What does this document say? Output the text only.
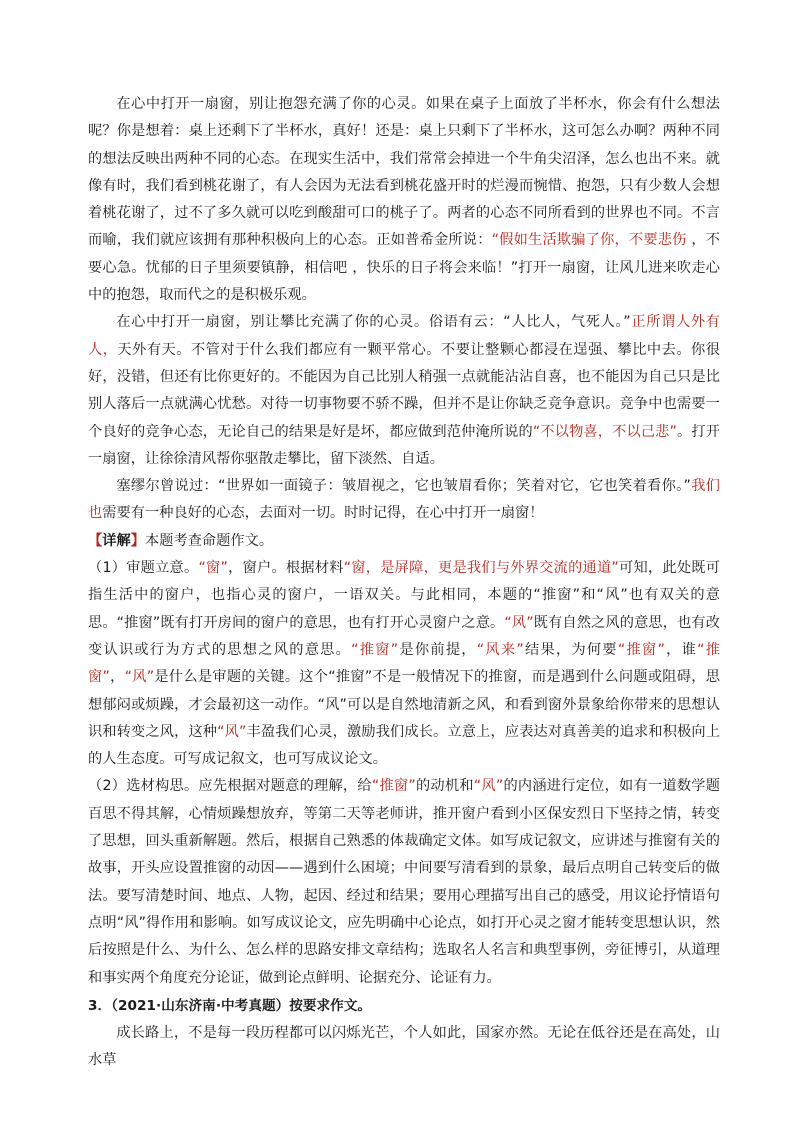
在心中打开一扇窗，别让抱怨充满了你的心灵。如果在桌子上面放了半杯水，你会有什么想法呢？你是想着：桌上还剩下了半杯水，真好！还是：桌上只剩下了半杯水，这可怎么办啊？两种不同的想法反映出两种不同的心态。在现实生活中，我们常常会掉进一个牛角尖沼泽，怎么也出不来。就像有时，我们看到桃花谢了，有人会因为无法看到桃花盛开时的烂漫而惋惜、抱怨，只有少数人会想着桃花谢了，过不了多久就可以吃到酸甜可口的桃子了。两者的心态不同所看到的世界也不同。不言而喻，我们就应该拥有那种积极向上的心态。正如普希金所说：“假如生活欺骗了你，不要悲伤 ，不要心急。忧郁的日子里须要镇静，相信吧 ，快乐的日子将会来临！”打开一扇窗，让风儿进来吹走心中的抱怨，取而代之的是积极乐观。

在心中打开一扇窗，别让攀比充满了你的心灵。俗语有云：“人比人，气死人。”正所谓人外有人，天外有天。不管对于什么我们都应有一颗平常心。不要让整颗心都浸在逞强、攀比中去。你很好，没错，但还有比你更好的。不能因为自己比别人稍强一点就能沾沾自喜，也不能因为自己只是比别人落后一点就满心忧愁。对待一切事物要不骄不躁，但并不是让你缺乏竞争意识。竞争中也需要一个良好的竞争心态，无论自己的结果是好是坏，都应做到范仲淹所说的“不以物喜，不以己悲”。打开一扇窗，让徐徐清风帮你驱散走攀比，留下淡然、自适。

塞缪尔曾说过：“世界如一面镜子：皱眉视之，它也皱眉看你；笑着对它，它也笑着看你。”我们也需要有一种良好的心态，去面对一切。时时记得，在心中打开一扇窗！

【详解】本题考查命题作文。

（1）审题立意。“窗”，窗户。根据材料“窗，是屏障，更是我们与外界交流的通道”可知，此处既可指生活中的窗户，也指心灵的窗户，一语双关。与此相同，本题的“推窗”和“风”也有双关的意思。“推窗”既有打开房间的窗户的意思，也有打开心灵窗户之意。“风”既有自然之风的意思，也有改变认识或行为方式的思想之风的意思。“推窗”是你前提，“风来”结果，为何要“推窗”，谁“推窗”，“风”是什么是审题的关键。这个“推窗”不是一般情况下的推窗，而是遇到什么问题或阻碍，思想郁闷或烦躁，才会最初这一动作。“风”可以是自然地清新之风，和看到窗外景象给你带来的思想认识和转变之风，这种“风”丰盈我们心灵，激励我们成长。立意上，应表达对真善美的追求和积极向上的人生态度。可写成记叙文，也可写成议论文。

（2）选材构思。应先根据对题意的理解，给“推窗”的动机和“风”的内涵进行定位，如有一道数学题百思不得其解，心情烦躁想放弃，等第二天等老师讲，推开窗户看到小区保安烈日下坚持之情，转变了思想，回头重新解题。然后，根据自己熟悉的体裁确定文体。如写成记叙文，应讲述与推窗有关的故事，开头应设置推窗的动因——遇到什么困境；中间要写清看到的景象，最后点明自己转变后的做法。要写清楚时间、地点、人物，起因、经过和结果；要用心理描写出自己的感受，用议论抒情语句点明“风”得作用和影响。如写成议论文，应先明确中心论点，如打开心灵之窗才能转变思想认识，然后按照是什么、为什么、怎么样的思路安排文章结构；选取名人名言和典型事例，旁征博引，从道理和事实两个角度充分论证，做到论点鲜明、论据充分、论证有力。

3．（2021·山东济南·中考真题）按要求作文。

成长路上，不是每一段历程都可以闪烁光芒，个人如此，国家亦然。无论在低谷还是在高处，山水草
